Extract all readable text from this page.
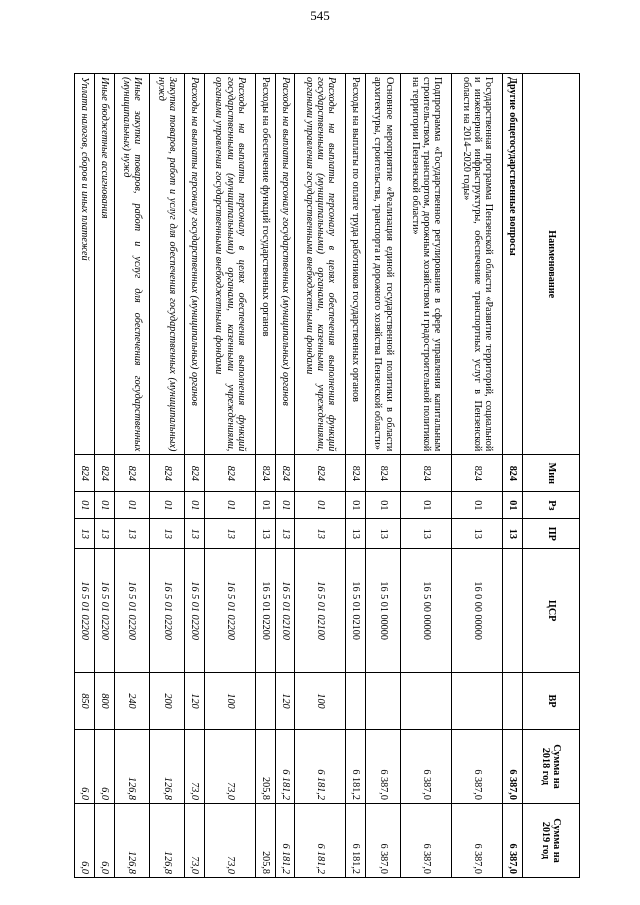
545
Наименование	Мин	Рз	ПР	ЦСР	ВР	Сумма на 2018 год	Сумма на 2019 год
Другие общегосударственные вопросы	824	01	13			6 387,0	6 387,0
Государственная программа Пензенской области «Развитие территорий, социальной и инженерной инфраструктуры, обеспечение транспортных услуг в Пензенской области на 2014–2020 годы»	824	01	13	16 0 00 00000		6 387,0	6 387,0
Подпрограмма «Государственное регулирование в сфере управления капитальным строительством, транспортом, дорожным хозяйством и градостроительной политикой на территории Пензенской области»	824	01	13	16 5 00 00000		6 387,0	6 387,0
Основное мероприятие «Реализация единой государственной политики в области архитектуры, строительства, транспорта и дорожного хозяйства Пензенской области»	824	01	13	16 5 01 00000		6 387,0	6 387,0
Расходы на выплаты по оплате труда работников государственных органов	824	01	13	16 5 01 02100		6 181,2	6 181,2
Расходы на выплаты персоналу в целях обеспечения выполнения функций государственными (муниципальными) органами, казенными учреждениями, органами управления государственными внебюджетными фондами	824	01	13	16 5 01 02100	100	6 181,2	6 181,2
Расходы на выплаты персоналу государственных (муниципальных) органов	824	01	13	16 5 01 02100	120	6 181,2	6 181,2
Расходы на обеспечение функций государственных органов	824	01	13	16 5 01 02200		205,8	205,8
Расходы на выплаты персоналу в целях обеспечения выполнения функций государственными (муниципальными) органами, казенными учреждениями, органами управления государственными внебюджетными фондами	824	01	13	16 5 01 02200	100	73,0	73,0
Расходы на выплаты персоналу государственных (муниципальных) органов	824	01	13	16 5 01 02200	120	73,0	73,0
Закупка товаров, работ и услуг для обеспечения государственных (муниципальных) нужд	824	01	13	16 5 01 02200	200	126,8	126,8
Иные закупки товаров, работ и услуг для обеспечения государственных (муниципальных) нужд	824	01	13	16 5 01 02200	240	126,8	126,8
Иные бюджетные ассигнования	824	01	13	16 5 01 02200	800	6,0	6,0
Уплата налогов, сборов и иных платежей	824	01	13	16 5 01 02200	850	6,0	6,0
